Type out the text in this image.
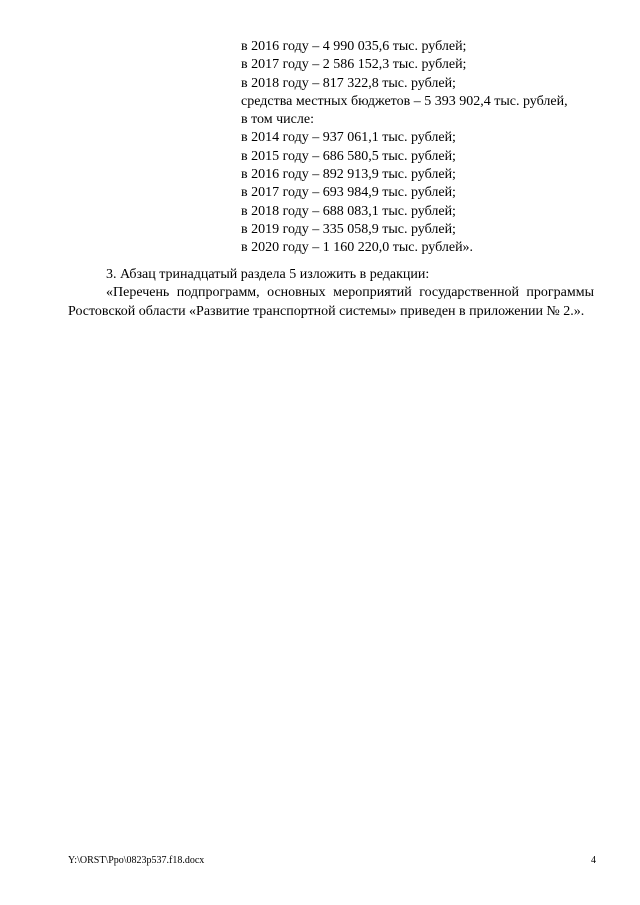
в 2016 году – 4 990 035,6 тыс. рублей;
в 2017 году – 2 586 152,3 тыс. рублей;
в 2018 году – 817 322,8 тыс. рублей;
средства местных бюджетов – 5 393 902,4 тыс. рублей,
в том числе:
в 2014 году – 937 061,1 тыс. рублей;
в 2015 году – 686 580,5 тыс. рублей;
в 2016 году – 892 913,9 тыс. рублей;
в 2017 году – 693 984,9 тыс. рублей;
в 2018 году – 688 083,1 тыс. рублей;
в 2019 году – 335 058,9 тыс. рублей;
в 2020 году – 1 160 220,0 тыс. рублей».
3. Абзац тринадцатый раздела 5 изложить в редакции:
«Перечень подпрограмм, основных мероприятий государственной программы Ростовской области «Развитие транспортной системы» приведен в приложении № 2.».
Y:\ORST\Ppo\0823p537.f18.docx	4
